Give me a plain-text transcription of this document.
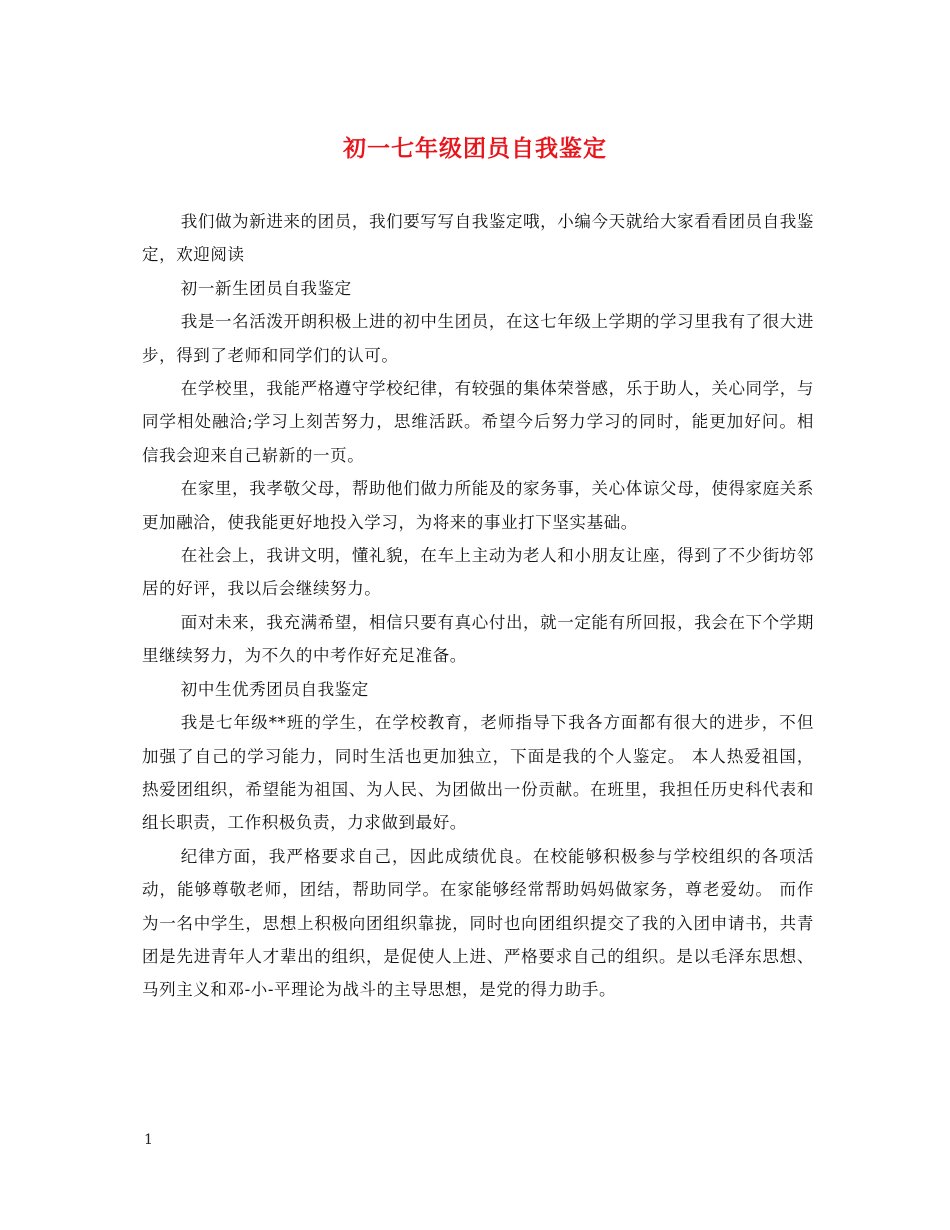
初一七年级团员自我鉴定

我们做为新进来的团员，我们要写写自我鉴定哦，小编今天就给大家看看团员自我鉴定，欢迎阅读

初一新生团员自我鉴定

我是一名活泼开朗积极上进的初中生团员，在这七年级上学期的学习里我有了很大进步，得到了老师和同学们的认可。

在学校里，我能严格遵守学校纪律，有较强的集体荣誉感，乐于助人，关心同学，与同学相处融洽;学习上刻苦努力，思维活跃。希望今后努力学习的同时，能更加好问。相信我会迎来自己崭新的一页。

在家里，我孝敬父母，帮助他们做力所能及的家务事，关心体谅父母，使得家庭关系更加融洽，使我能更好地投入学习，为将来的事业打下坚实基础。

在社会上，我讲文明，懂礼貌，在车上主动为老人和小朋友让座，得到了不少街坊邻居的好评，我以后会继续努力。

面对未来，我充满希望，相信只要有真心付出，就一定能有所回报，我会在下个学期里继续努力，为不久的中考作好充足准备。

初中生优秀团员自我鉴定

我是七年级**班的学生，在学校教育，老师指导下我各方面都有很大的进步，不但加强了自己的学习能力，同时生活也更加独立，下面是我的个人鉴定。 本人热爱祖国，热爱团组织，希望能为祖国、为人民、为团做出一份贡献。在班里，我担任历史科代表和组长职责，工作积极负责，力求做到最好。

纪律方面，我严格要求自己，因此成绩优良。在校能够积极参与学校组织的各项活动，能够尊敬老师，团结，帮助同学。在家能够经常帮助妈妈做家务，尊老爱幼。 而作为一名中学生，思想上积极向团组织靠拢，同时也向团组织提交了我的入团申请书，共青团是先进青年人才辈出的组织，是促使人上进、严格要求自己的组织。是以毛泽东思想、马列主义和邓-小-平理论为战斗的主导思想，是党的得力助手。

1
